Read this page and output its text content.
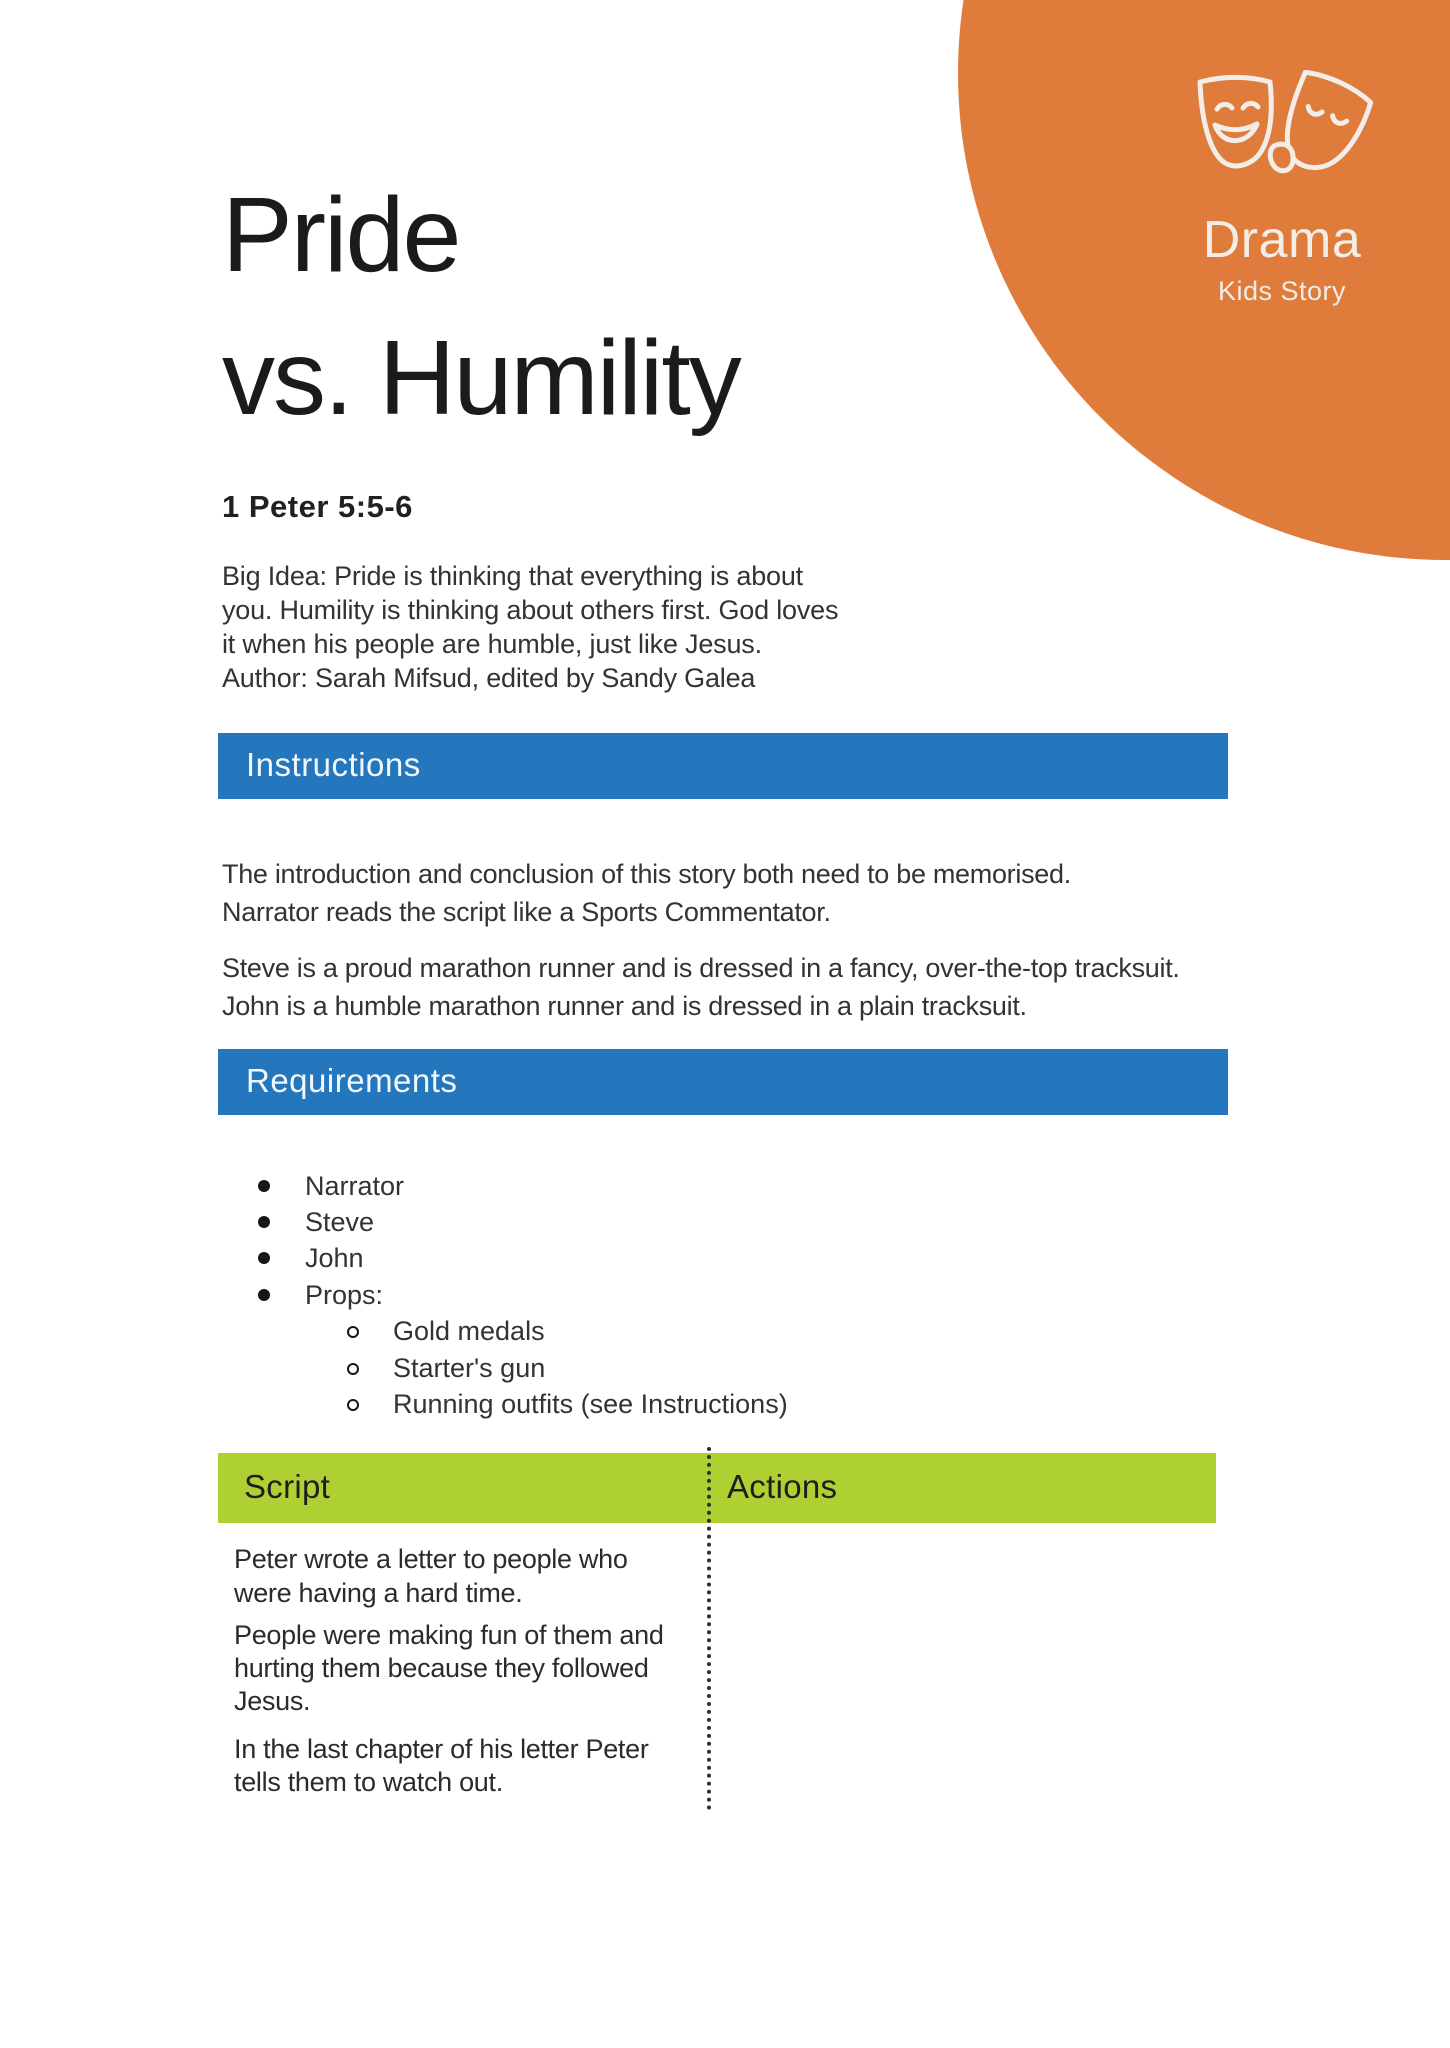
Drama
Kids Story
Pride
vs. Humility
1 Peter 5:5-6
Big Idea: Pride is thinking that everything is about
you. Humility is thinking about others first. God loves
it when his people are humble, just like Jesus.
Author: Sarah Mifsud, edited by Sandy Galea
Instructions
The introduction and conclusion of this story both need to be memorised.
Narrator reads the script like a Sports Commentator.
Steve is a proud marathon runner and is dressed in a fancy, over-the-top tracksuit.
John is a humble marathon runner and is dressed in a plain tracksuit.
Requirements
Narrator
Steve
John
Props:
Gold medals
Starter's gun
Running outfits (see Instructions)
Script	Actions
Peter wrote a letter to people who
were having a hard time.
People were making fun of them and
hurting them because they followed
Jesus.
In the last chapter of his letter Peter
tells them to watch out.
